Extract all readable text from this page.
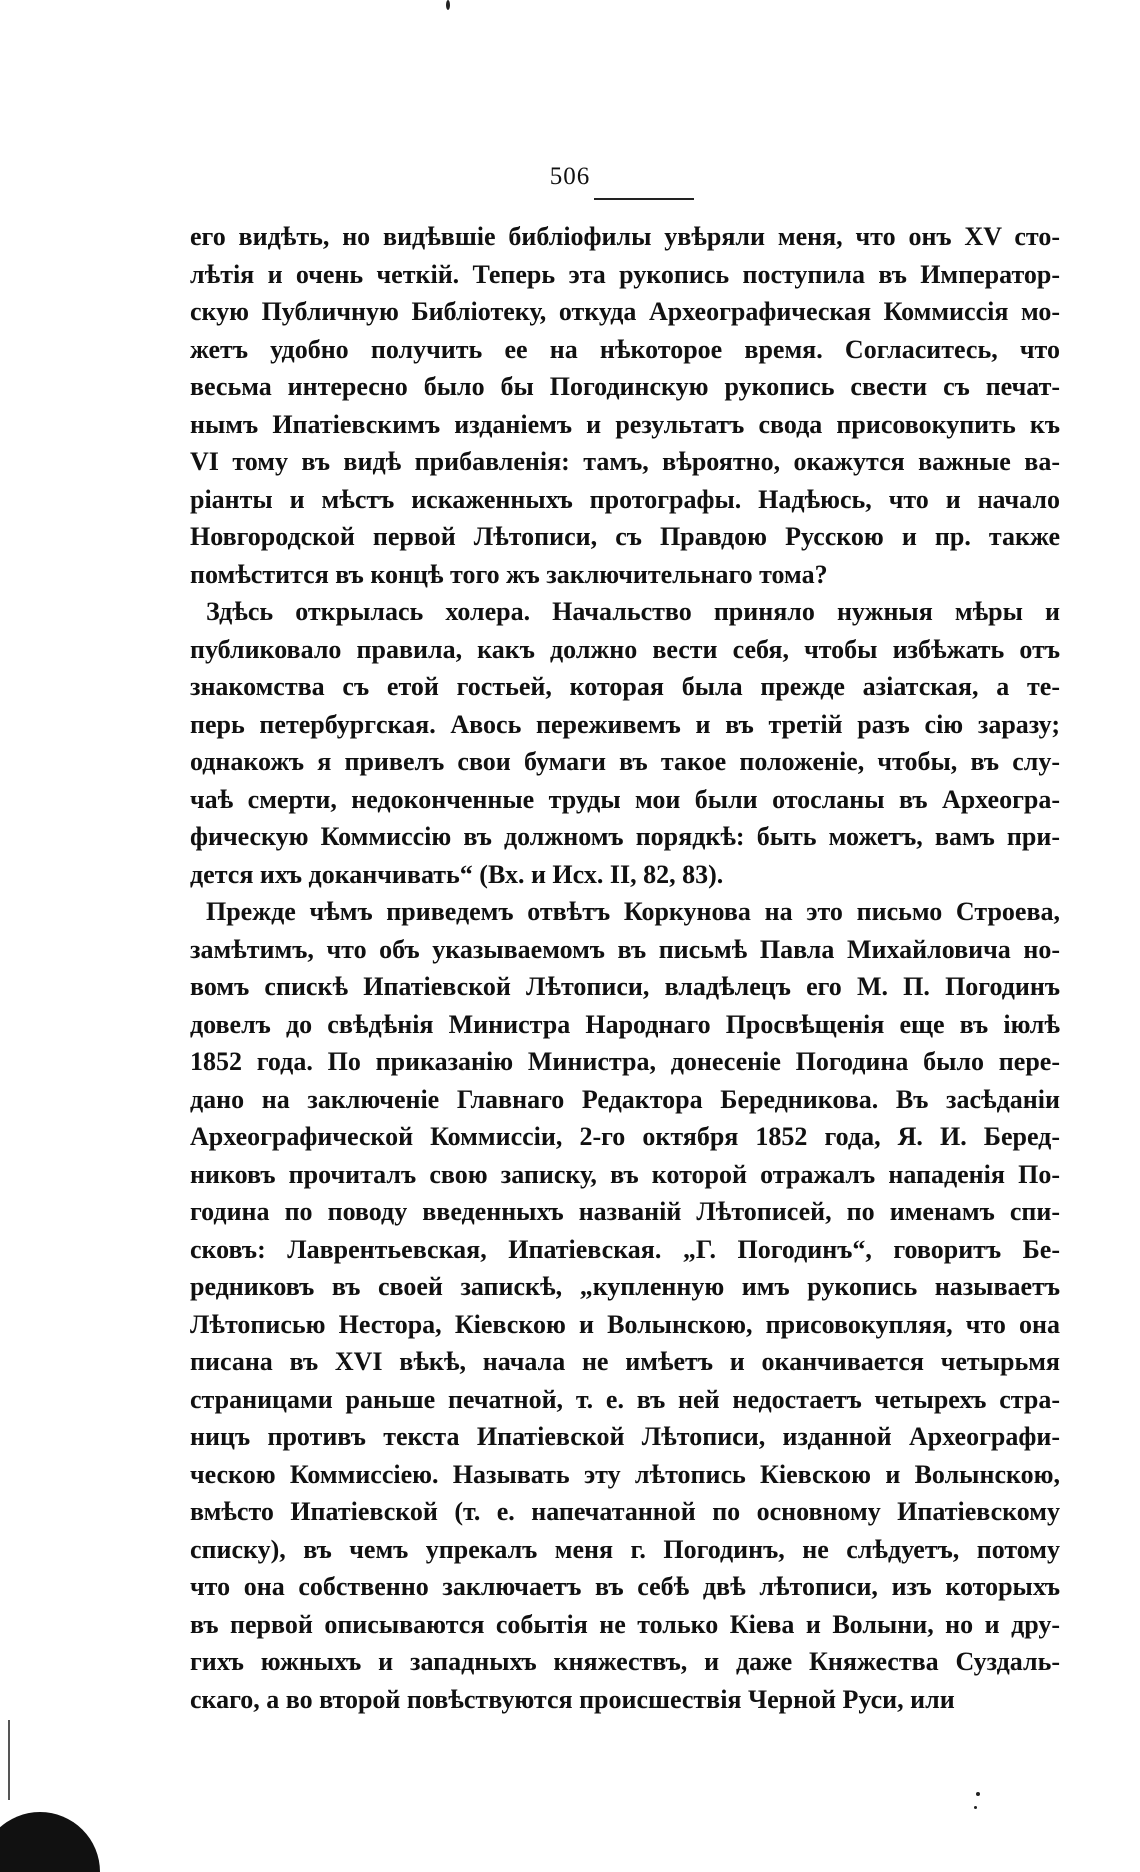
506
его видѣть, но видѣвшіе библіофилы увѣряли меня, что онъ XV сто-
лѣтія и очень четкій. Теперь эта рукопись поступила въ Император-
скую Публичную Библіотеку, откуда Археографическая Коммиссія мо-
жетъ удобно получить ее на нѣкоторое время. Согласитесь, что
весьма интересно было бы Погодинскую рукопись свести съ печат-
нымъ Ипатіевскимъ изданіемъ и результатъ свода присовокупить къ
VI тому въ видѣ прибавленія: тамъ, вѣроятно, окажутся важные ва-
ріанты и мѣстъ искаженныхъ протографы. Надѣюсь, что и начало
Новгородской первой Лѣтописи, съ Правдою Русскою и пр. также
помѣстится въ концѣ того жъ заключительнаго тома?
Здѣсь открылась холера. Начальство приняло нужныя мѣры и
публиковало правила, какъ должно вести себя, чтобы избѣжать отъ
знакомства съ етой гостьей, которая была прежде азіатская, а те-
перь петербургская. Авось переживемъ и въ третій разъ сію заразу;
однакожъ я привелъ свои бумаги въ такое положеніе, чтобы, въ слу-
чаѣ смерти, недоконченные труды мои были отосланы въ Археогра-
фическую Коммиссію въ должномъ порядкѣ: быть можетъ, вамъ при-
дется ихъ доканчивать“ (Вх. и Исх. II, 82, 83).
Прежде чѣмъ приведемъ отвѣтъ Коркунова на это письмо Строева,
замѣтимъ, что объ указываемомъ въ письмѣ Павла Михайловича но-
вомъ спискѣ Ипатіевской Лѣтописи, владѣлецъ его М. П. Погодинъ
довелъ до свѣдѣнія Министра Народнаго Просвѣщенія еще въ іюлѣ
1852 года. По приказанію Министра, донесеніе Погодина было пере-
дано на заключеніе Главнаго Редактора Бередникова. Въ засѣданіи
Археографической Коммиссіи, 2-го октября 1852 года, Я. И. Беред-
никовъ прочиталъ свою записку, въ которой отражалъ нападенія По-
година по поводу введенныхъ названій Лѣтописей, по именамъ спи-
сковъ: Лаврентьевская, Ипатіевская. „Г. Погодинъ“, говоритъ Бе-
редниковъ въ своей запискѣ, „купленную имъ рукопись называетъ
Лѣтописью Нестора, Кіевскою и Волынскою, присовокупляя, что она
писана въ XVI вѣкѣ, начала не имѣетъ и оканчивается четырьмя
страницами раньше печатной, т. е. въ ней недостаетъ четырехъ стра-
ницъ противъ текста Ипатіевской Лѣтописи, изданной Археографи-
ческою Коммиссіею. Называть эту лѣтопись Кіевскою и Волынскою,
вмѣсто Ипатіевской (т. е. напечатанной по основному Ипатіевскому
списку), въ чемъ упрекалъ меня г. Погодинъ, не слѣдуетъ, потому
что она собственно заключаетъ въ себѣ двѣ лѣтописи, изъ которыхъ
въ первой описываются событія не только Кіева и Волыни, но и дру-
гихъ южныхъ и западныхъ княжествъ, и даже Княжества Суздаль-
скаго, а во второй повѣствуются происшествія Черной Руси, или
